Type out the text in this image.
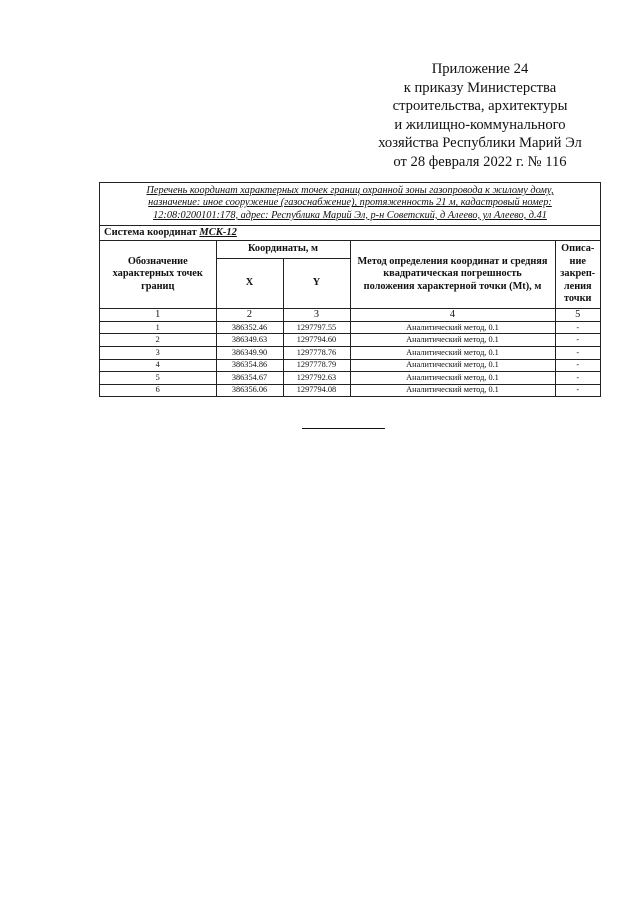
Приложение 24
к приказу Министерства
строительства, архитектуры
и жилищно-коммунального
хозяйства Республики Марий Эл
от 28 февраля 2022 г. № 116
Перечень координат характерных точек границ охранной зоны газопровода к жилому дому,
назначение: иное сооружение (газоснабжение), протяженность 21 м, кадастровый номер:
12:08:0200101:178, адрес: Республика Марий Эл, р-н Советский, д Алеево, ул Алеево, д.41
Система координат МСК-12
Обозначение характерных точек границ	Координаты, м		Метод определения координат и средняя квадратическая погрешность положения характерной точки (Mt), м	Описа-ние закреп-ления точки
	X	Y		
1	2	3	4	5
1	386352.46	1297797.55	Аналитический метод, 0.1	-
2	386349.63	1297794.60	Аналитический метод, 0.1	-
3	386349.90	1297778.76	Аналитический метод, 0.1	-
4	386354.86	1297778.79	Аналитический метод, 0.1	-
5	386354.67	1297792.63	Аналитический метод, 0.1	-
6	386356.06	1297794.08	Аналитический метод, 0.1	-
